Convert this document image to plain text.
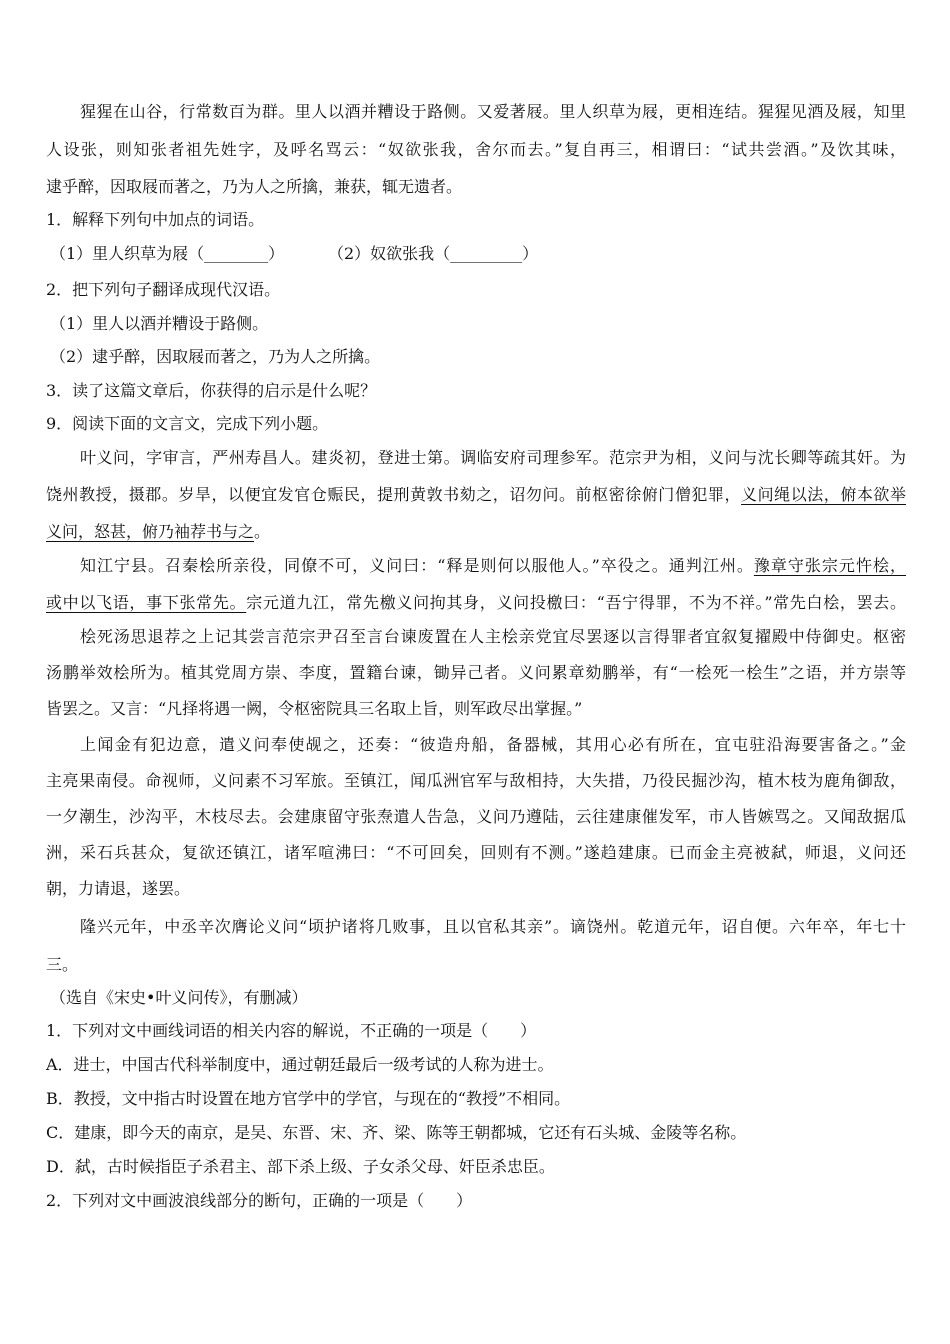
猩猩在山谷，行常数百为群。里人以酒并糟设于路侧。又爱著屐。里人织草为屐，更相连结。猩猩见酒及屐，知里
人设张，则知张者祖先姓字，及呼名骂云：“奴欲张我，舍尔而去。”复自再三，相谓曰：“试共尝酒。”及饮其味，
逮乎醉，因取屐而著之，乃为人之所擒，兼获，辄无遗者。
1．解释下列句中加点的词语。
（1）里人织草为屐（________）	（2）奴欲张我（_________）
2．把下列句子翻译成现代汉语。
（1）里人以酒并糟设于路侧。
（2）逮乎醉，因取屐而著之，乃为人之所擒。
3．读了这篇文章后，你获得的启示是什么呢？
9．阅读下面的文言文，完成下列小题。
叶义问，字审言，严州寿昌人。建炎初，登进士第。调临安府司理参军。范宗尹为相，义问与沈长卿等疏其奸。为
饶州教授，摄郡。岁旱，以便宜发官仓赈民，提刑黄敦书劾之，诏勿问。前枢密徐俯门僧犯罪，义问绳以法，俯本欲举
义问，怒甚，俯乃袖荐书与之。
知江宁县。召秦桧所亲役，同僚不可，义问曰：“释是则何以服他人。”卒役之。通判江州。豫章守张宗元忤桧，
或中以飞语，事下张常先。宗元道九江，常先檄义问拘其身，义问投檄曰：“吾宁得罪，不为不祥。”常先白桧，罢去。
桧死汤思退荐之上记其尝言范宗尹召至言台谏废置在人主桧亲党宜尽罢逐以言得罪者宜叙复擢殿中侍御史。枢密
汤鹏举效桧所为。植其党周方崇、李度，置籍台谏，锄异己者。义问累章劾鹏举，有“一桧死一桧生”之语，并方崇等
皆罢之。又言：“凡择将遇一阙，令枢密院具三名取上旨，则军政尽出掌握。”
上闻金有犯边意，遣义问奉使觇之，还奏：“彼造舟船，备器械，其用心必有所在，宜屯驻沿海要害备之。”金
主亮果南侵。命视师，义问素不习军旅。至镇江，闻瓜洲官军与敌相持，大失措，乃役民掘沙沟，植木枝为鹿角御敌，
一夕潮生，沙沟平，木枝尽去。会建康留守张焘遣人告急，义问乃遵陆，云往建康催发军，市人皆嫉骂之。又闻敌据瓜
洲，采石兵甚众，复欲还镇江，诸军喧沸曰：“不可回矣，回则有不测。”遂趋建康。已而金主亮被弑，师退，义问还
朝，力请退，遂罢。
隆兴元年，中丞辛次膺论义问“顷护诸将几败事，且以官私其亲”。谪饶州。乾道元年，诏自便。六年卒，年七十
三。
（选自《宋史•叶义问传》，有删减）
1．下列对文中画线词语的相关内容的解说，不正确的一项是（　　）
A．进士，中国古代科举制度中，通过朝廷最后一级考试的人称为进士。
B．教授，文中指古时设置在地方官学中的学官，与现在的“教授”不相同。
C．建康，即今天的南京，是吴、东晋、宋、齐、梁、陈等王朝都城，它还有石头城、金陵等名称。
D．弑，古时候指臣子杀君主、部下杀上级、子女杀父母、奸臣杀忠臣。
2．下列对文中画波浪线部分的断句，正确的一项是（　　）
